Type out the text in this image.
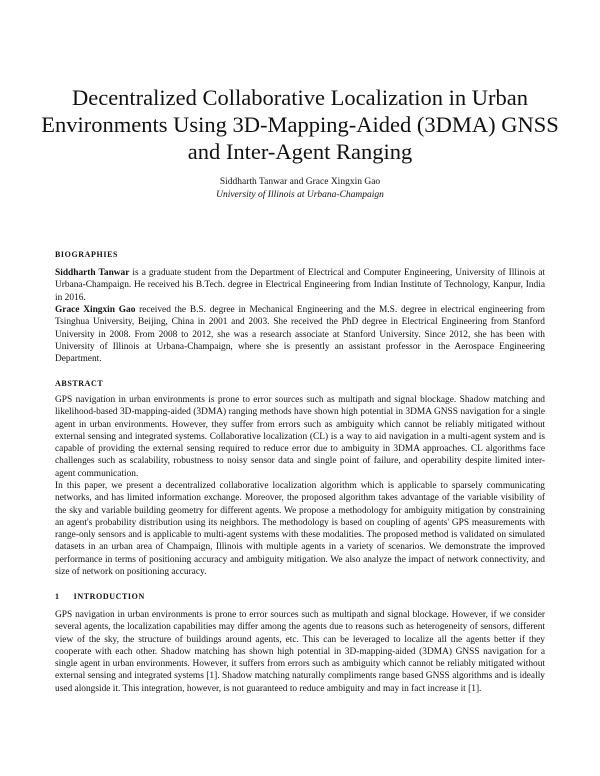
Decentralized Collaborative Localization in Urban Environments Using 3D-Mapping-Aided (3DMA) GNSS and Inter-Agent Ranging
Siddharth Tanwar and Grace Xingxin Gao
University of Illinois at Urbana-Champaign
BIOGRAPHIES

Siddharth Tanwar is a graduate student from the Department of Electrical and Computer Engineering, University of Illinois at Urbana-Champaign. He received his B.Tech. degree in Electrical Engineering from Indian Institute of Technology, Kanpur, India in 2016.

Grace Xingxin Gao received the B.S. degree in Mechanical Engineering and the M.S. degree in electrical engineering from Tsinghua University, Beijing, China in 2001 and 2003. She received the PhD degree in Electrical Engineering from Stanford University in 2008. From 2008 to 2012, she was a research associate at Stanford University. Since 2012, she has been with University of Illinois at Urbana-Champaign, where she is presently an assistant professor in the Aerospace Engineering Department.

ABSTRACT

GPS navigation in urban environments is prone to error sources such as multipath and signal blockage. Shadow matching and likelihood-based 3D-mapping-aided (3DMA) ranging methods have shown high potential in 3DMA GNSS navigation for a single agent in urban environments. However, they suffer from errors such as ambiguity which cannot be reliably mitigated without external sensing and integrated systems. Collaborative localization (CL) is a way to aid navigation in a multi-agent system and is capable of providing the external sensing required to reduce error due to ambiguity in 3DMA approaches. CL algorithms face challenges such as scalability, robustness to noisy sensor data and single point of failure, and operability despite limited inter-agent communication.

In this paper, we present a decentralized collaborative localization algorithm which is applicable to sparsely communicating networks, and has limited information exchange. Moreover, the proposed algorithm takes advantage of the variable visibility of the sky and variable building geometry for different agents. We propose a methodology for ambiguity mitigation by constraining an agent's probability distribution using its neighbors. The methodology is based on coupling of agents' GPS measurements with range-only sensors and is applicable to multi-agent systems with these modalities. The proposed method is validated on simulated datasets in an urban area of Champaign, Illinois with multiple agents in a variety of scenarios. We demonstrate the improved performance in terms of positioning accuracy and ambiguity mitigation. We also analyze the impact of network connectivity, and size of network on positioning accuracy.

1 INTRODUCTION

GPS navigation in urban environments is prone to error sources such as multipath and signal blockage. However, if we consider several agents, the localization capabilities may differ among the agents due to reasons such as heterogeneity of sensors, different view of the sky, the structure of buildings around agents, etc. This can be leveraged to localize all the agents better if they cooperate with each other. Shadow matching has shown high potential in 3D-mapping-aided (3DMA) GNSS navigation for a single agent in urban environments. However, it suffers from errors such as ambiguity which cannot be reliably mitigated without external sensing and integrated systems [1]. Shadow matching naturally compliments range based GNSS algorithms and is ideally used alongside it. This integration, however, is not guaranteed to reduce ambiguity and may in fact increase it [1].
